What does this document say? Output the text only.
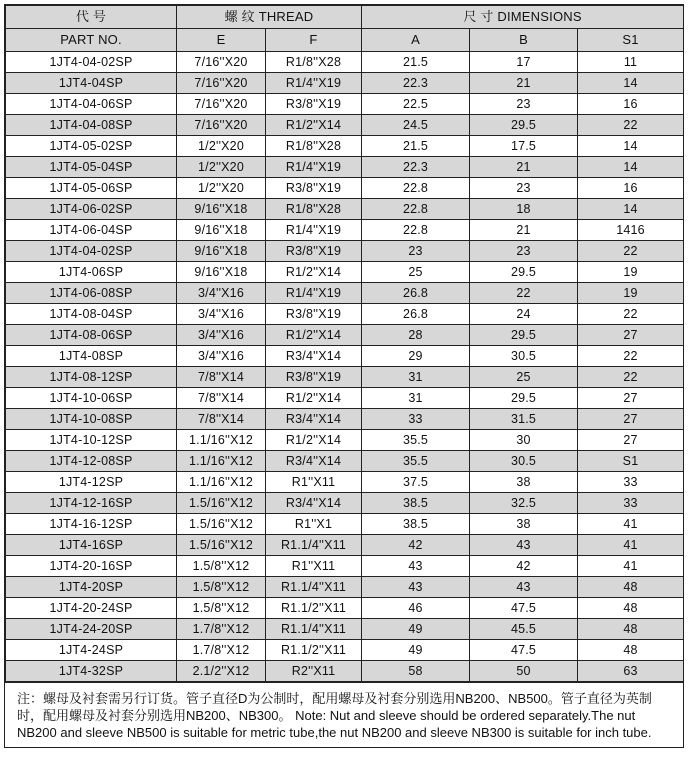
代 号	螺 纹 THREAD		尺 寸 DIMENSIONS		
PART NO.	E	F	A	B	S1
1JT4-04-02SP	7/16''X20	R1/8''X28	21.5	17	11
1JT4-04SP	7/16''X20	R1/4''X19	22.3	21	14
1JT4-04-06SP	7/16''X20	R3/8''X19	22.5	23	16
1JT4-04-08SP	7/16''X20	R1/2''X14	24.5	29.5	22
1JT4-05-02SP	1/2''X20	R1/8''X28	21.5	17.5	14
1JT4-05-04SP	1/2''X20	R1/4''X19	22.3	21	14
1JT4-05-06SP	1/2''X20	R3/8''X19	22.8	23	16
1JT4-06-02SP	9/16''X18	R1/8''X28	22.8	18	14
1JT4-06-04SP	9/16''X18	R1/4''X19	22.8	21	1416
1JT4-04-02SP	9/16''X18	R3/8''X19	23	23	22
1JT4-06SP	9/16''X18	R1/2''X14	25	29.5	19
1JT4-06-08SP	3/4''X16	R1/4''X19	26.8	22	19
1JT4-08-04SP	3/4''X16	R3/8''X19	26.8	24	22
1JT4-08-06SP	3/4''X16	R1/2''X14	28	29.5	27
1JT4-08SP	3/4''X16	R3/4''X14	29	30.5	22
1JT4-08-12SP	7/8''X14	R3/8''X19	31	25	22
1JT4-10-06SP	7/8''X14	R1/2''X14	31	29.5	27
1JT4-10-08SP	7/8''X14	R3/4''X14	33	31.5	27
1JT4-10-12SP	1.1/16''X12	R1/2''X14	35.5	30	27
1JT4-12-08SP	1.1/16''X12	R3/4''X14	35.5	30.5	S1
1JT4-12SP	1.1/16''X12	R1''X11	37.5	38	33
1JT4-12-16SP	1.5/16''X12	R3/4''X14	38.5	32.5	33
1JT4-16-12SP	1.5/16''X12	R1''X1	38.5	38	41
1JT4-16SP	1.5/16''X12	R1.1/4''X11	42	43	41
1JT4-20-16SP	1.5/8''X12	R1''X11	43	42	41
1JT4-20SP	1.5/8''X12	R1.1/4''X11	43	43	48
1JT4-20-24SP	1.5/8''X12	R1.1/2''X11	46	47.5	48
1JT4-24-20SP	1.7/8''X12	R1.1/4''X11	49	45.5	48
1JT4-24SP	1.7/8''X12	R1.1/2''X11	49	47.5	48
1JT4-32SP	2.1/2''X12	R2''X11	58	50	63
注：螺母及衬套需另行订货。管子直径D为公制时，配用螺母及衬套分别选用NB200、NB500。管子直径为英制时，配用螺母及衬套分别选用NB200、NB300。 Note: Nut and sleeve should be ordered separately.The nut NB200 and sleeve NB500 is suitable for metric tube,the nut NB200 and sleeve NB300 is suitable for inch tube.
